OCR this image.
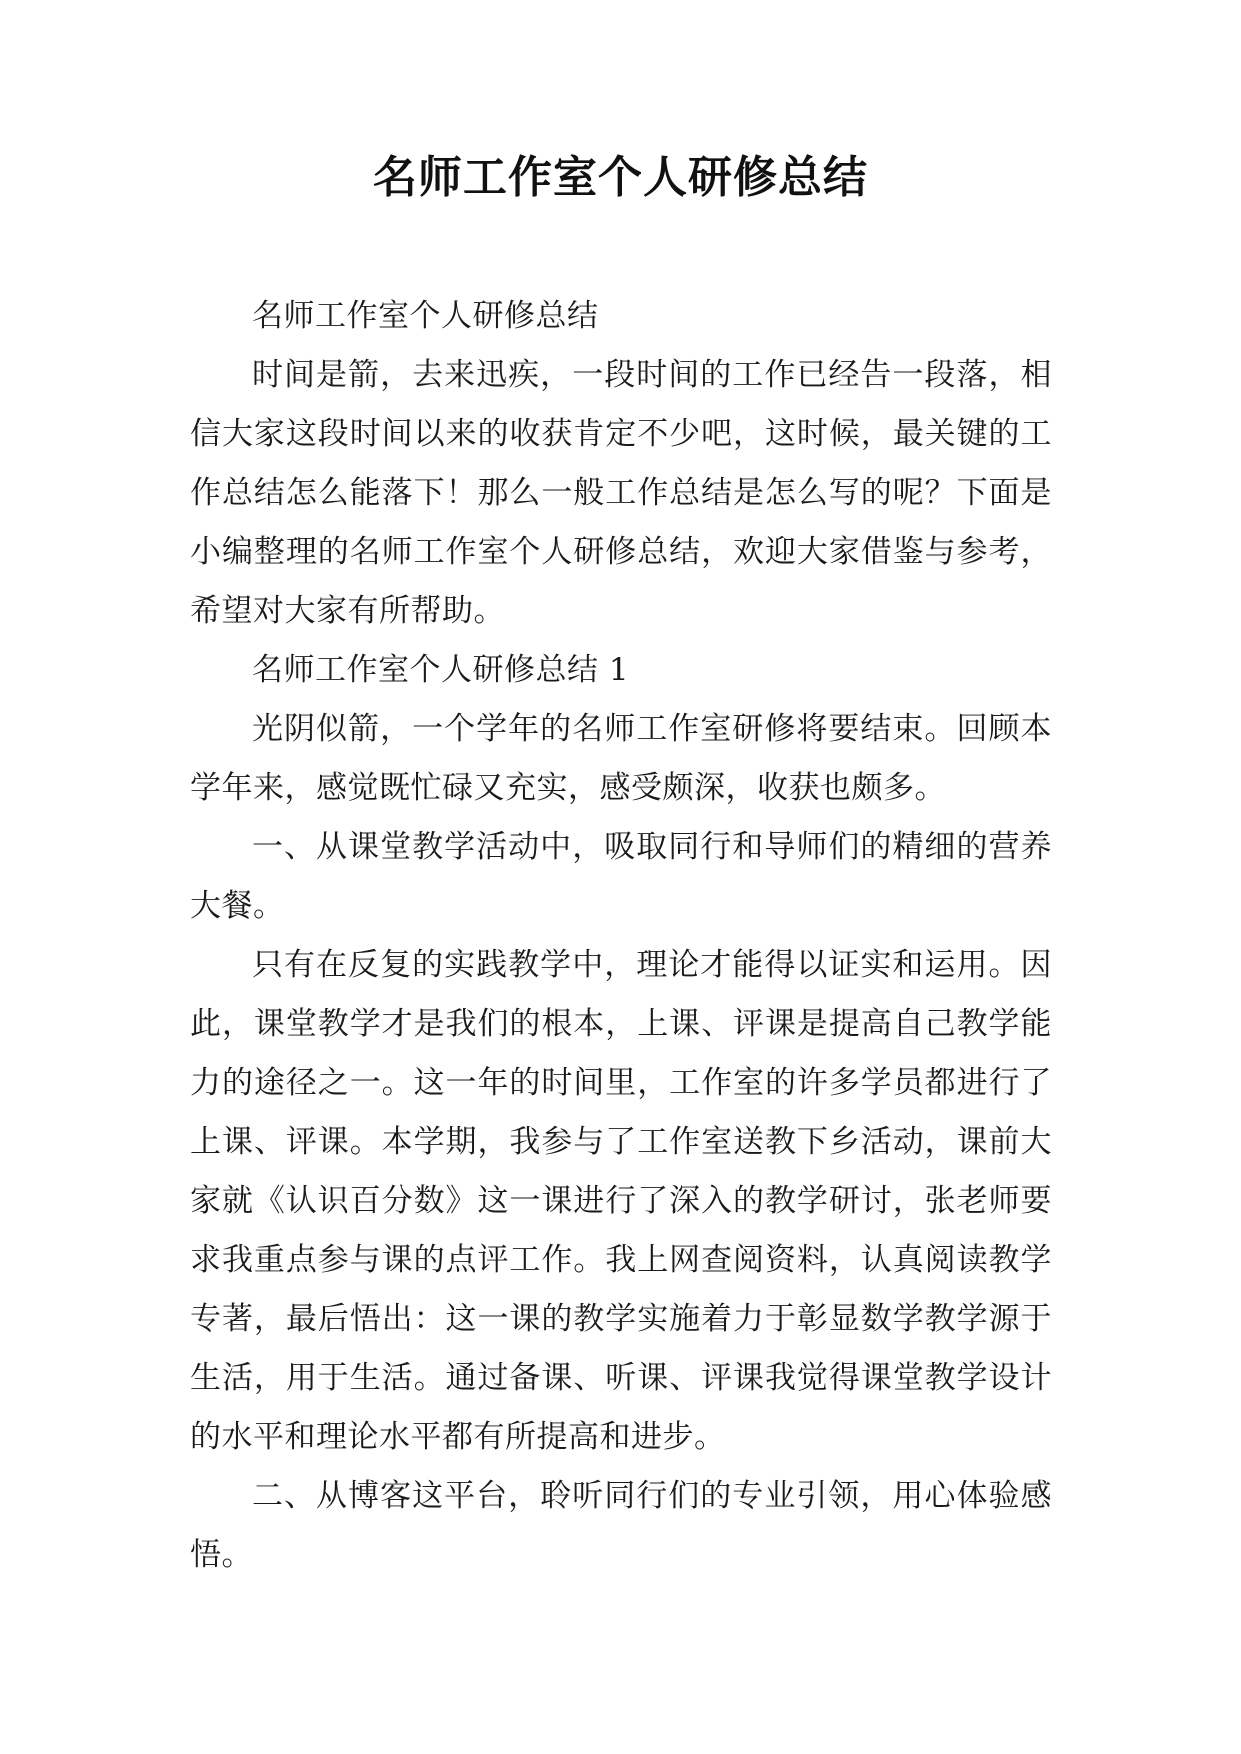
名师工作室个人研修总结

名师工作室个人研修总结

时间是箭，去来迅疾，一段时间的工作已经告一段落，相信大家这段时间以来的收获肯定不少吧，这时候，最关键的工作总结怎么能落下！那么一般工作总结是怎么写的呢？下面是小编整理的名师工作室个人研修总结，欢迎大家借鉴与参考，希望对大家有所帮助。

名师工作室个人研修总结 1

光阴似箭，一个学年的名师工作室研修将要结束。回顾本学年来，感觉既忙碌又充实，感受颇深，收获也颇多。

一、从课堂教学活动中，吸取同行和导师们的精细的营养大餐。

只有在反复的实践教学中，理论才能得以证实和运用。因此，课堂教学才是我们的根本，上课、评课是提高自己教学能力的途径之一。这一年的时间里，工作室的许多学员都进行了上课、评课。本学期，我参与了工作室送教下乡活动，课前大家就《认识百分数》这一课进行了深入的教学研讨，张老师要求我重点参与课的点评工作。我上网查阅资料，认真阅读教学专著，最后悟出：这一课的教学实施着力于彰显数学教学源于生活，用于生活。通过备课、听课、评课我觉得课堂教学设计的水平和理论水平都有所提高和进步。

二、从博客这平台，聆听同行们的专业引领，用心体验感悟。
